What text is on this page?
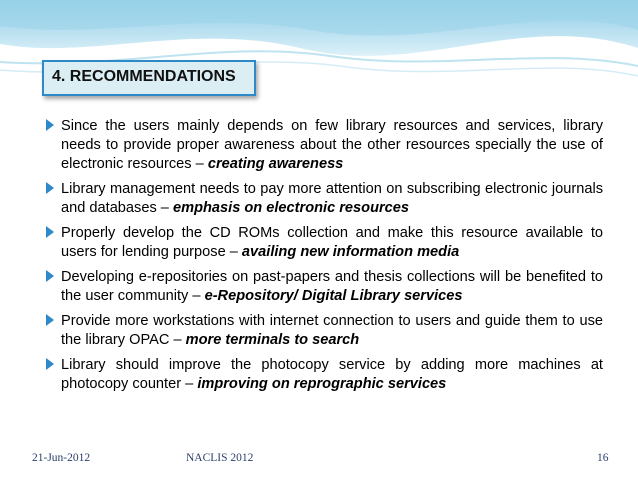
4. RECOMMENDATIONS
Since the users mainly depends on few library resources and services, library needs to provide proper awareness about the other resources specially the use of electronic resources – creating awareness
Library management needs to pay more attention on subscribing electronic journals and databases – emphasis on electronic resources
Properly develop the CD ROMs collection and make this resource available to users for lending purpose – availing new information media
Developing e-repositories on past-papers and thesis collections will be benefited to the user community – e-Repository/ Digital Library services
Provide more workstations with internet connection to users and guide them to use the library OPAC – more terminals to search
Library should improve the photocopy service by adding more machines at photocopy counter – improving on reprographic services
21-Jun-2012	NACLIS 2012	16
